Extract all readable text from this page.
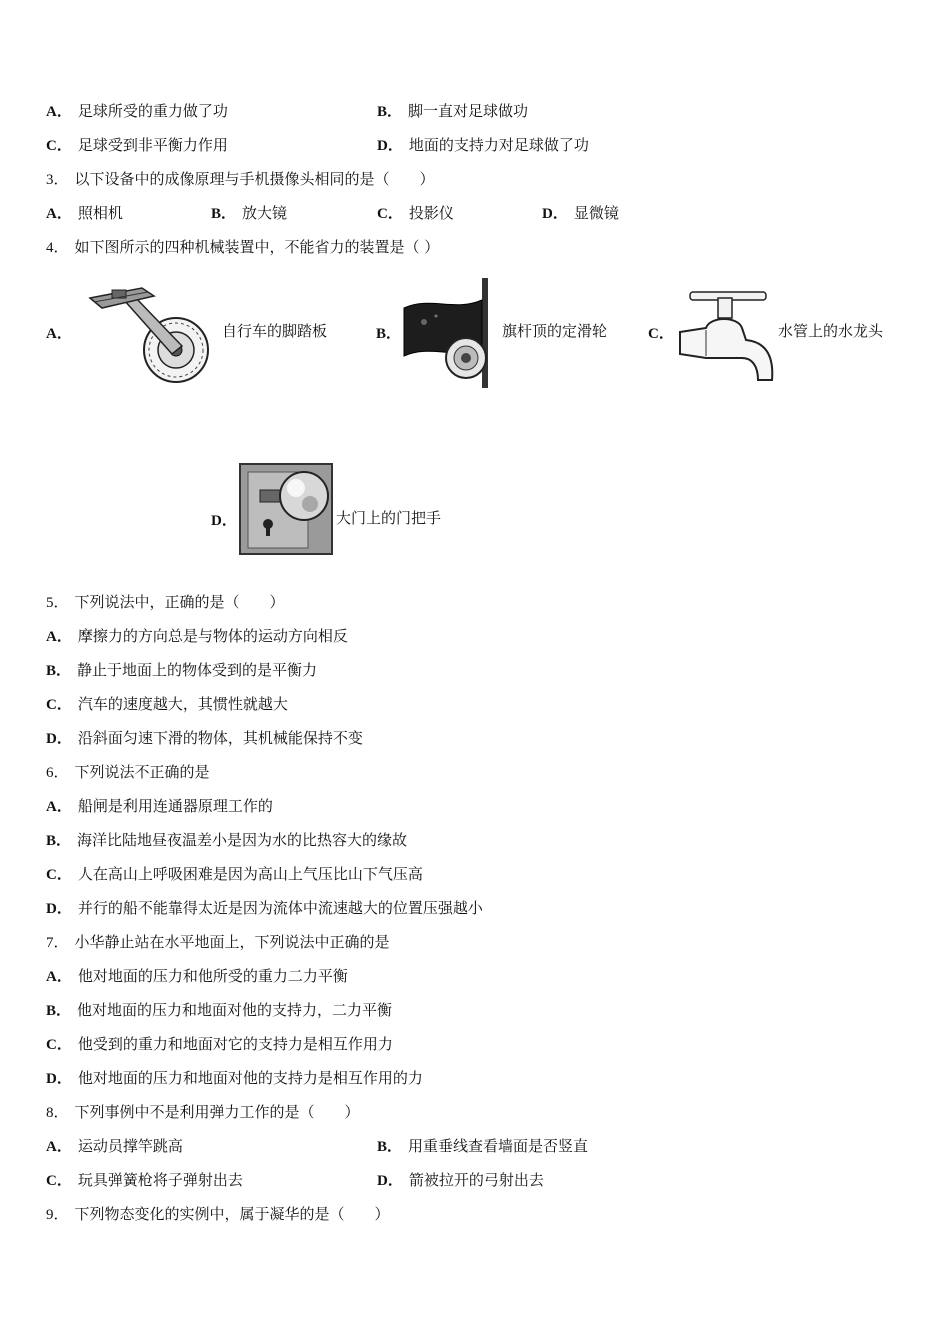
A． 足球所受的重力做了功	B． 脚一直对足球做功
C． 足球受到非平衡力作用	D． 地面的支持力对足球做了功
3． 以下设备中的成像原理与手机摄像头相同的是（　　）
A． 照相机	B． 放大镜	C． 投影仪	D． 显微镜
4． 如下图所示的四种机械装置中，不能省力的装置是（ ）
A．	自行车的脚踏板	B．	旗杆顶的定滑轮	C．	水管上的水龙头
D．	大门上的门把手
5． 下列说法中，正确的是（　　）
A． 摩擦力的方向总是与物体的运动方向相反
B． 静止于地面上的物体受到的是平衡力
C． 汽车的速度越大，其惯性就越大
D． 沿斜面匀速下滑的物体，其机械能保持不变
6． 下列说法不正确的是
A． 船闸是利用连通器原理工作的
B． 海洋比陆地昼夜温差小是因为水的比热容大的缘故
C． 人在高山上呼吸困难是因为高山上气压比山下气压高
D． 并行的船不能靠得太近是因为流体中流速越大的位置压强越小
7． 小华静止站在水平地面上，下列说法中正确的是
A． 他对地面的压力和他所受的重力二力平衡
B． 他对地面的压力和地面对他的支持力，二力平衡
C． 他受到的重力和地面对它的支持力是相互作用力
D． 他对地面的压力和地面对他的支持力是相互作用的力
8． 下列事例中不是利用弹力工作的是（　　）
A． 运动员撑竿跳高	B． 用重垂线查看墙面是否竖直
C． 玩具弹簧枪将子弹射出去	D． 箭被拉开的弓射出去
9． 下列物态变化的实例中，属于凝华的是（　　）
